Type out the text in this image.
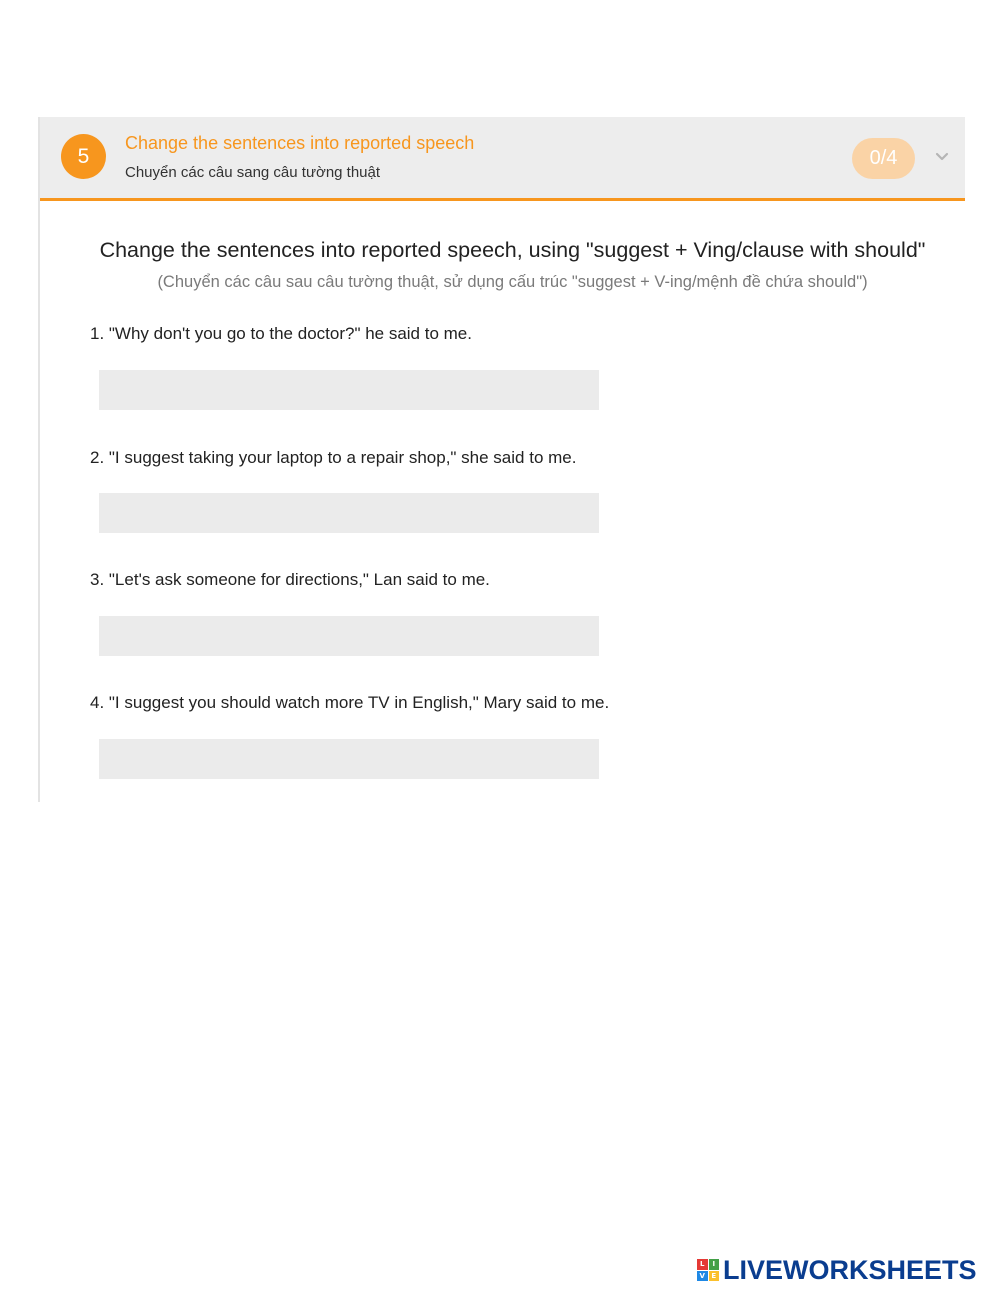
5
Change the sentences into reported speech
Chuyển các câu sang câu tường thuật
0/4
Change the sentences into reported speech, using "suggest + Ving/clause with should"
(Chuyển các câu sau câu tường thuật, sử dụng cấu trúc "suggest + V-ing/mệnh đề chứa should")
1. "Why don't you go to the doctor?" he said to me.
2. "I suggest taking your laptop to a repair shop," she said to me.
3. "Let's ask someone for directions," Lan said to me.
4. "I suggest you should watch more TV in English," Mary said to me.
L	I
V E LIVEWORKSHEETS
